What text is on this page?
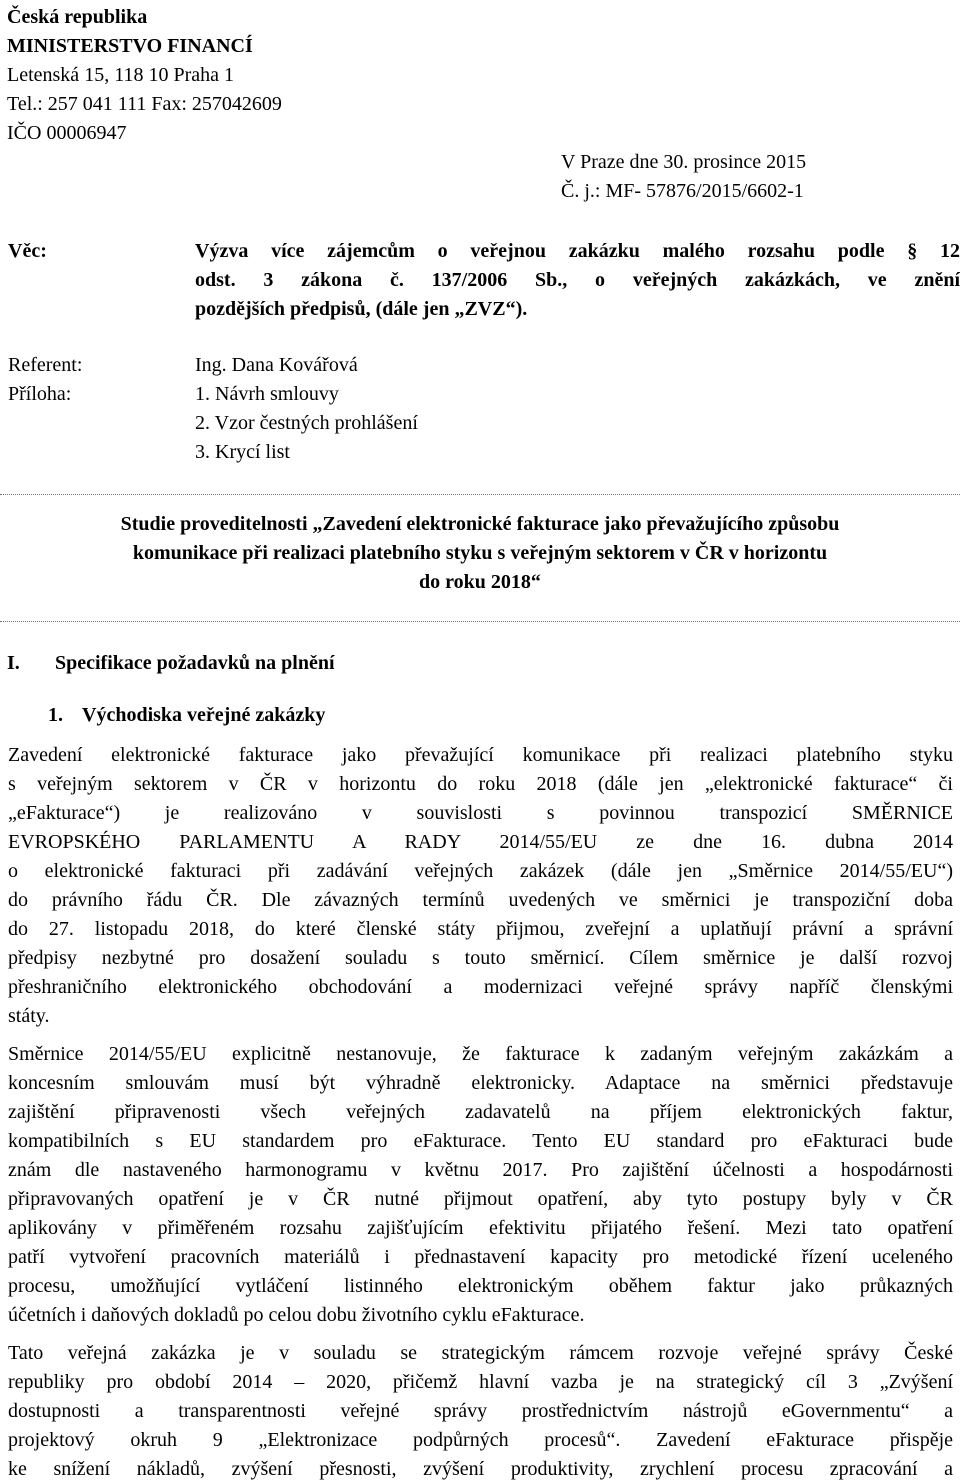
Česká republika

MINISTERSTVO FINANCÍ

Letenská 15, 118 10 Praha 1

Tel.: 257 041 111 Fax: 257042609

IČO 00006947

V Praze dne 30. prosince 2015

Č. j.: MF- 57876/2015/6602-1

Věc:	Výzva více zájemcům o veřejnou zakázku malého rozsahu podle § 12
odst. 3 zákona č. 137/2006 Sb., o veřejných zakázkách, ve znění
pozdějších předpisů, (dále jen „ZVZ“).

Referent:

Příloha:

Ing. Dana Kovářová

1. Návrh smlouvy

2. Vzor čestných prohlášení

3. Krycí list

Studie proveditelnosti „Zavedení elektronické fakturace jako převažujícího způsobu

komunikace při realizaci platebního styku s veřejným sektorem v ČR v horizontu

do roku 2018“

I. Specifikace požadavků na plnění
1. Východiska veřejné zakázky
Zavedení elektronické fakturace jako převažující komunikace při realizaci platebního styku
s veřejným sektorem v ČR v horizontu do roku 2018 (dále jen „elektronické fakturace“ či
„eFakturace“) je realizováno v souvislosti s povinnou transpozicí SMĚRNICE
EVROPSKÉHO PARLAMENTU A RADY 2014/55/EU ze dne 16. dubna 2014
o elektronické fakturaci při zadávání veřejných zakázek (dále jen „Směrnice 2014/55/EU“)
do právního řádu ČR. Dle závazných termínů uvedených ve směrnici je transpoziční doba
do 27. listopadu 2018, do které členské státy přijmou, zveřejní a uplatňují právní a správní
předpisy nezbytné pro dosažení souladu s touto směrnicí. Cílem směrnice je další rozvoj
přeshraničního elektronického obchodování a modernizaci veřejné správy napříč členskými
státy.
Směrnice 2014/55/EU explicitně nestanovuje, že fakturace k zadaným veřejným zakázkám a
koncesním smlouvám musí být výhradně elektronicky. Adaptace na směrnici představuje
zajištění připravenosti všech veřejných zadavatelů na příjem elektronických faktur,
kompatibilních s EU standardem pro eFakturace. Tento EU standard pro eFakturaci bude
znám dle nastaveného harmonogramu v květnu 2017. Pro zajištění účelnosti a hospodárnosti
připravovaných opatření je v ČR nutné přijmout opatření, aby tyto postupy byly v ČR
aplikovány v přiměřeném rozsahu zajišťujícím efektivitu přijatého řešení. Mezi tato opatření
patří vytvoření pracovních materiálů i přednastavení kapacity pro metodické řízení uceleného
procesu, umožňující vytláčení listinného elektronickým oběhem faktur jako průkazných
účetních i daňových dokladů po celou dobu životního cyklu eFakturace.
Tato veřejná zakázka je v souladu se strategickým rámcem rozvoje veřejné správy České
republiky pro období 2014 – 2020, přičemž hlavní vazba je na strategický cíl 3 „Zvýšení
dostupnosti a transparentnosti veřejné správy prostřednictvím nástrojů eGovernmentu“ a
projektový okruh 9 „Elektronizace podpůrných procesů“. Zavedení eFakturace přispěje
ke snížení nákladů, zvýšení přesnosti, zvýšení produktivity, zrychlení procesu zpracování a
